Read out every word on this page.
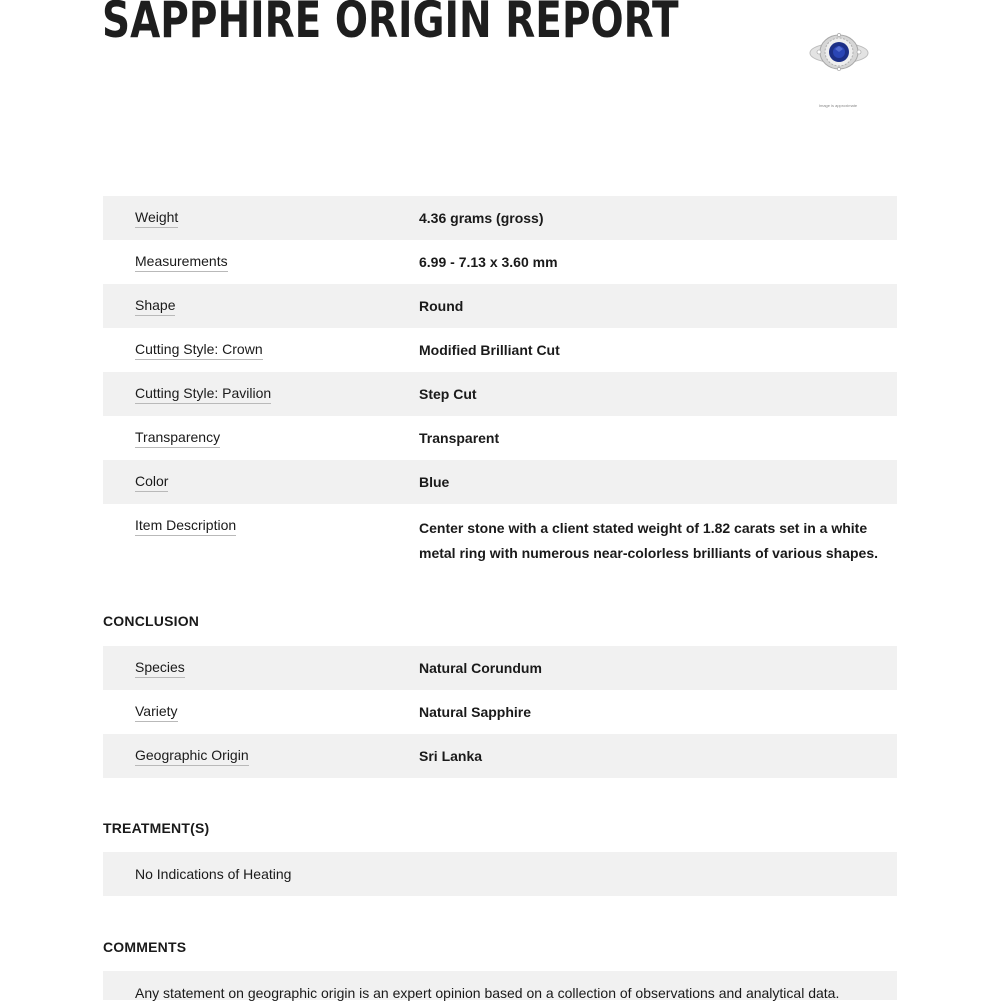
SAPPHIRE ORIGIN REPORT
Image is approximate
Weight	4.36 grams (gross)
Measurements	6.99 - 7.13 x 3.60 mm
Shape	Round
Cutting Style: Crown	Modified Brilliant Cut
Cutting Style: Pavilion	Step Cut
Transparency	Transparent
Color	Blue
Item Description	Center stone with a client stated weight of 1.82 carats set in a white metal ring with numerous near-colorless brilliants of various shapes.
CONCLUSION
Species	Natural Corundum
Variety	Natural Sapphire
Geographic Origin	Sri Lanka
TREATMENT(S)
No Indications of Heating
COMMENTS
Any statement on geographic origin is an expert opinion based on a collection of observations and analytical data.
